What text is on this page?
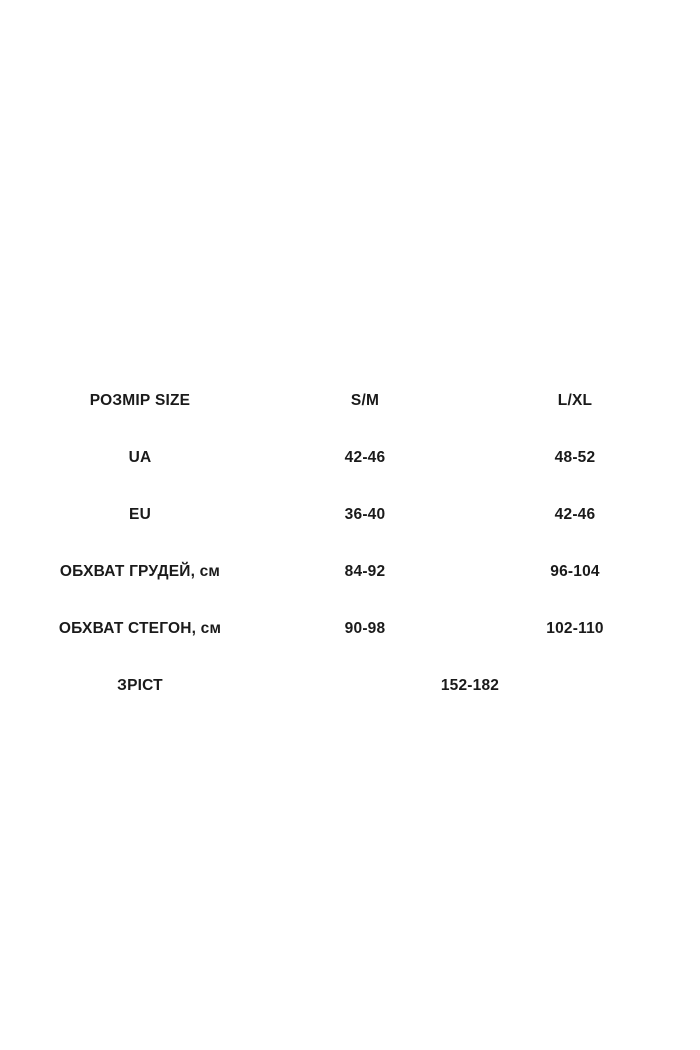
РОЗМІР SIZE	S/M	L/XL
UA	42-46	48-52
EU	36-40	42-46
ОБХВАТ ГРУДЕЙ, см	84-92	96-104
ОБХВАТ СТЕГОН, см	90-98	102-110
ЗРІСТ	152-182	
